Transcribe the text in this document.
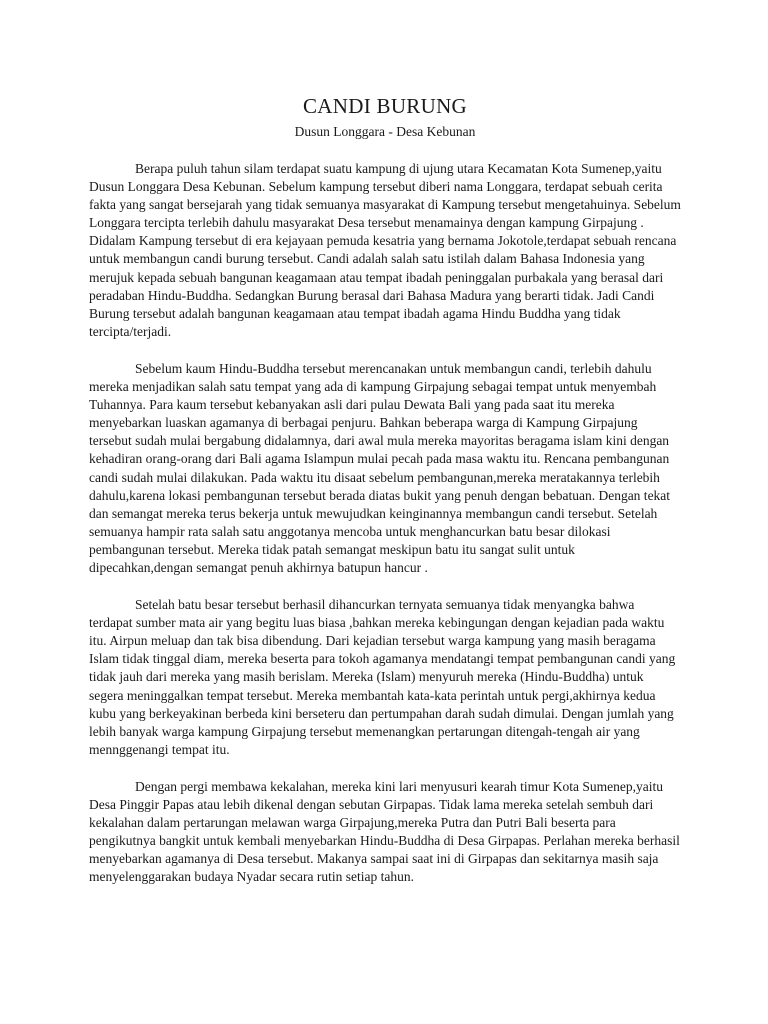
CANDI BURUNG
Dusun Longgara - Desa Kebunan

Berapa puluh tahun silam terdapat suatu kampung di ujung utara Kecamatan Kota Sumenep,yaitu Dusun Longgara Desa Kebunan. Sebelum kampung tersebut diberi nama Longgara, terdapat sebuah cerita fakta yang sangat bersejarah yang tidak semuanya masyarakat di Kampung tersebut mengetahuinya. Sebelum Longgara tercipta terlebih dahulu masyarakat Desa tersebut menamainya dengan kampung Girpajung . Didalam Kampung tersebut di era kejayaan pemuda kesatria yang bernama Jokotole,terdapat sebuah rencana untuk membangun candi burung tersebut. Candi adalah salah satu istilah dalam Bahasa Indonesia yang merujuk kepada sebuah bangunan keagamaan atau tempat ibadah peninggalan purbakala yang berasal dari peradaban Hindu-Buddha. Sedangkan Burung berasal dari Bahasa Madura yang berarti tidak. Jadi Candi Burung tersebut adalah bangunan keagamaan atau tempat ibadah agama Hindu Buddha yang tidak tercipta/terjadi.

Sebelum kaum Hindu-Buddha tersebut merencanakan untuk membangun candi, terlebih dahulu mereka menjadikan salah satu tempat yang ada di kampung Girpajung sebagai tempat untuk menyembah Tuhannya. Para kaum tersebut kebanyakan asli dari pulau Dewata Bali yang pada saat itu mereka menyebarkan luaskan agamanya di berbagai penjuru. Bahkan beberapa warga di Kampung Girpajung tersebut sudah mulai bergabung didalamnya, dari awal mula mereka mayoritas beragama islam kini dengan kehadiran orang-orang dari Bali agama Islampun mulai pecah pada masa waktu itu. Rencana pembangunan candi sudah mulai dilakukan. Pada waktu itu disaat sebelum pembangunan,mereka meratakannya terlebih dahulu,karena lokasi pembangunan tersebut berada diatas bukit yang penuh dengan bebatuan. Dengan tekat dan semangat mereka terus bekerja untuk mewujudkan keinginannya membangun candi tersebut. Setelah semuanya hampir rata salah satu anggotanya mencoba untuk menghancurkan batu besar dilokasi pembangunan tersebut. Mereka tidak patah semangat meskipun batu itu sangat sulit untuk dipecahkan,dengan semangat penuh akhirnya batupun hancur .

Setelah batu besar tersebut berhasil dihancurkan ternyata semuanya tidak menyangka bahwa terdapat sumber mata air yang begitu luas biasa ,bahkan mereka kebingungan dengan kejadian pada waktu itu. Airpun meluap dan tak bisa dibendung. Dari kejadian tersebut warga kampung yang masih beragama Islam tidak tinggal diam, mereka beserta para tokoh agamanya mendatangi tempat pembangunan candi yang tidak jauh dari mereka yang masih berislam. Mereka (Islam) menyuruh mereka (Hindu-Buddha) untuk segera meninggalkan tempat tersebut. Mereka membantah kata-kata perintah untuk pergi,akhirnya kedua kubu yang berkeyakinan berbeda kini berseteru dan pertumpahan darah sudah dimulai. Dengan jumlah yang lebih banyak warga kampung Girpajung tersebut memenangkan pertarungan ditengah-tengah air yang mennggenangi tempat itu.

Dengan pergi membawa kekalahan, mereka kini lari menyusuri kearah timur Kota Sumenep,yaitu Desa Pinggir Papas atau lebih dikenal dengan sebutan Girpapas. Tidak lama mereka setelah sembuh dari kekalahan dalam pertarungan melawan warga Girpajung,mereka Putra dan Putri Bali beserta para pengikutnya bangkit untuk kembali menyebarkan Hindu-Buddha di Desa Girpapas. Perlahan mereka berhasil menyebarkan agamanya di Desa tersebut. Makanya sampai saat ini di Girpapas dan sekitarnya masih saja menyelenggarakan budaya Nyadar secara rutin setiap tahun.
